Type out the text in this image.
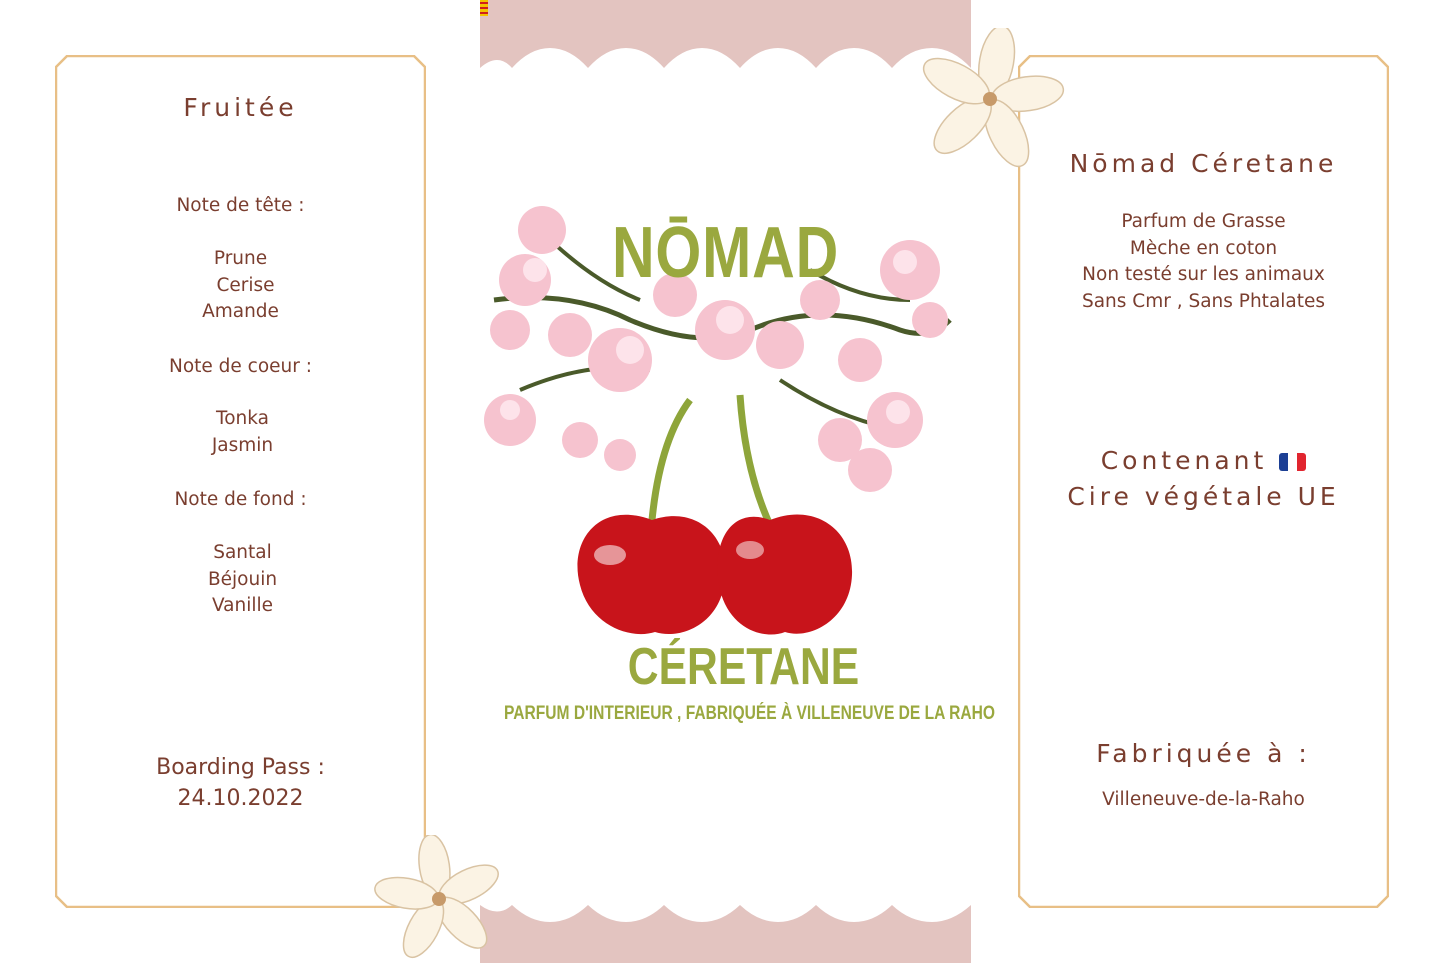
Fruitée
Note de tête :
Prune
Cerise
Amande
Note de coeur :
Tonka
Jasmin
Note de fond :
Santal
Béjouin
Vanille
Boarding Pass :
24.10.2022
NŌMAD
CÉRETANE
PARFUM D'INTERIEUR , FABRIQUÉE À VILLENEUVE DE LA RAHO
Nōmad Céretane
Parfum de Grasse
Mèche en coton
Non testé sur les animaux
Sans Cmr , Sans Phtalates
Contenant
Cire végétale UE
Fabriquée à :
Villeneuve-de-la-Raho
